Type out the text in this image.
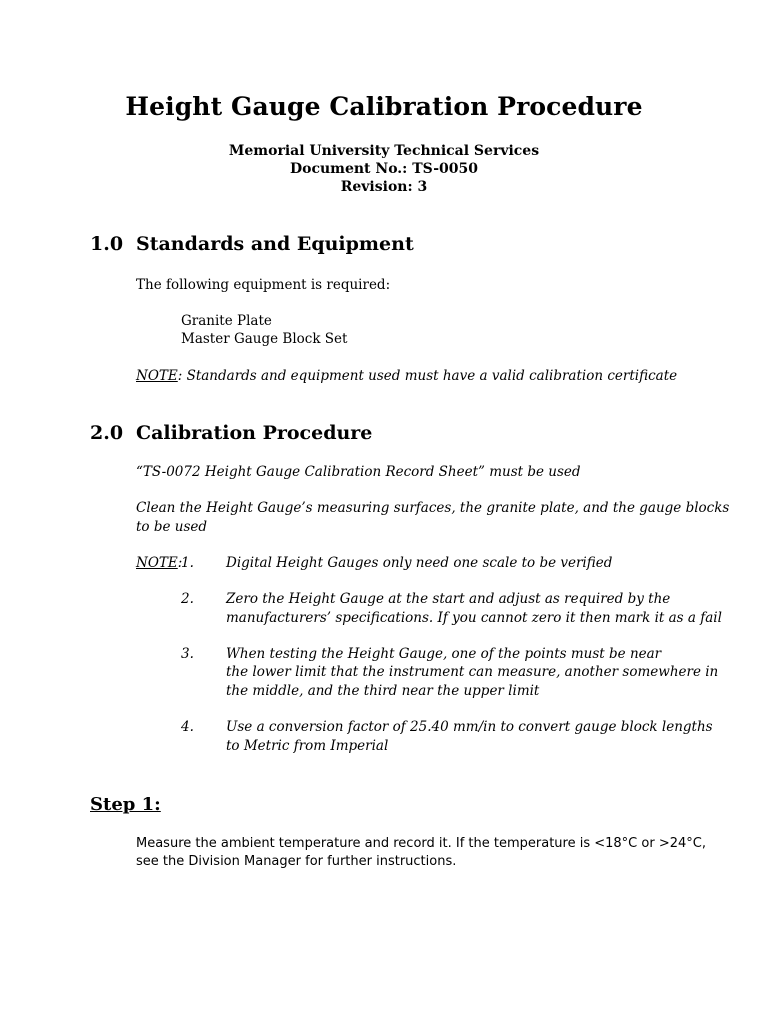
Height Gauge Calibration Procedure
Memorial University Technical Services
Document No.: TS-0050
Revision: 3
1.0 Standards and Equipment
The following equipment is required:
Granite Plate
Master Gauge Block Set
NOTE: Standards and equipment used must have a valid calibration certificate
2.0 Calibration Procedure
“TS-0072 Height Gauge Calibration Record Sheet” must be used
Clean the Height Gauge’s measuring surfaces, the granite plate, and the gauge blocks
to be used
NOTE:
1. Digital Height Gauges only need one scale to be verified
2. Zero the Height Gauge at the start and adjust as required by the
manufacturers’ specifications. If you cannot zero it then mark it as a fail
3. When testing the Height Gauge, one of the points must be near
the lower limit that the instrument can measure, another somewhere in
the middle, and the third near the upper limit
4. Use a conversion factor of 25.40 mm/in to convert gauge block lengths
to Metric from Imperial
Step 1:
Measure the ambient temperature and record it. If the temperature is <18°C or >24°C,
see the Division Manager for further instructions.
